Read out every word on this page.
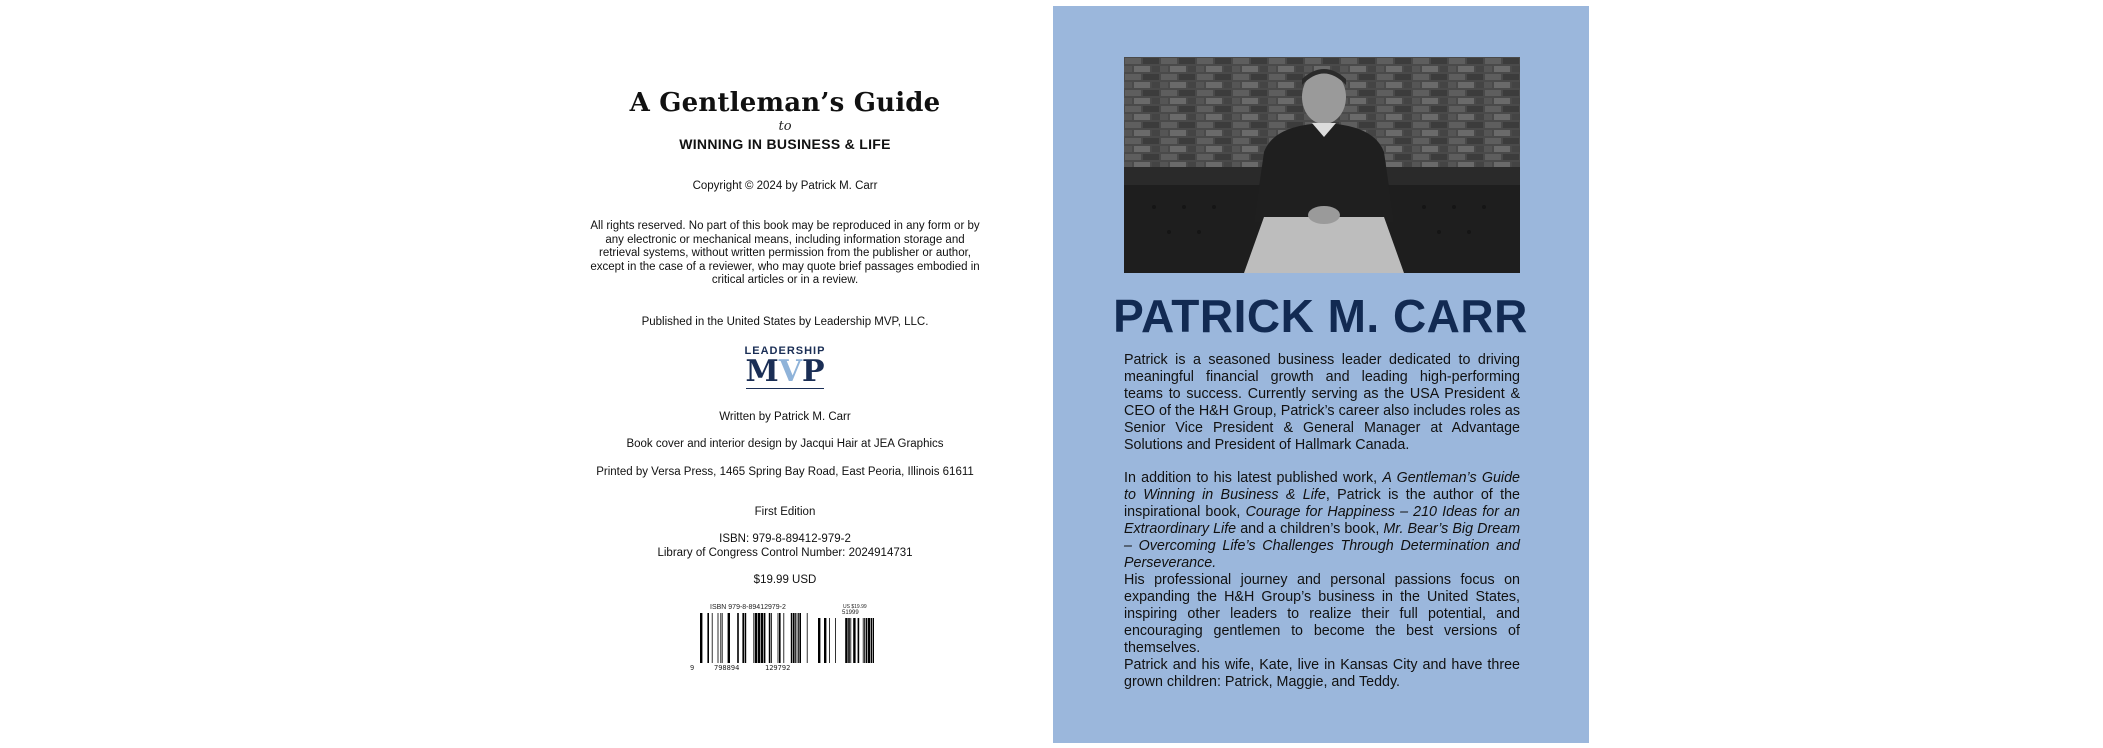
A Gentleman’s Guide
to
WINNING IN BUSINESS & LIFE
Copyright © 2024 by Patrick M. Carr
All rights reserved. No part of this book may be reproduced in any form or by any electronic or mechanical means, including information storage and retrieval systems, without written permission from the publisher or author, except in the case of a reviewer, who may quote brief passages embodied in critical articles or in a review.
Published in the United States by Leadership MVP, LLC.
LEADERSHIP
MVP
Written by Patrick M. Carr
Book cover and interior design by Jacqui Hair at JEA Graphics
Printed by Versa Press, 1465 Spring Bay Road, East Peoria, Illinois 61611
First Edition
ISBN: 979-8-89412-979-2
Library of Congress Control Number: 2024914731
$19.99 USD
ISBN 979-8-89412979-2	US $19.99
51999
9	798894	129792
PATRICK M. CARR

Patrick is a seasoned business leader dedicated to driving meaningful financial growth and leading high-performing teams to success. Currently serving as the USA President & CEO of the H&H Group, Patrick’s career also includes roles as Senior Vice President & General Manager at Advantage Solutions and President of Hallmark Canada.

In addition to his latest published work, A Gentleman’s Guide to Winning in Business & Life, Patrick is the author of the inspirational book, Courage for Happiness – 210 Ideas for an Extraordinary Life and a children’s book, Mr. Bear’s Big Dream – Overcoming Life’s Challenges Through Determination and Perseverance.

His professional journey and personal passions focus on expanding the H&H Group’s business in the United States, inspiring other leaders to realize their full potential, and encouraging gentlemen to become the best versions of themselves.

Patrick and his wife, Kate, live in Kansas City and have three grown children: Patrick, Maggie, and Teddy.
